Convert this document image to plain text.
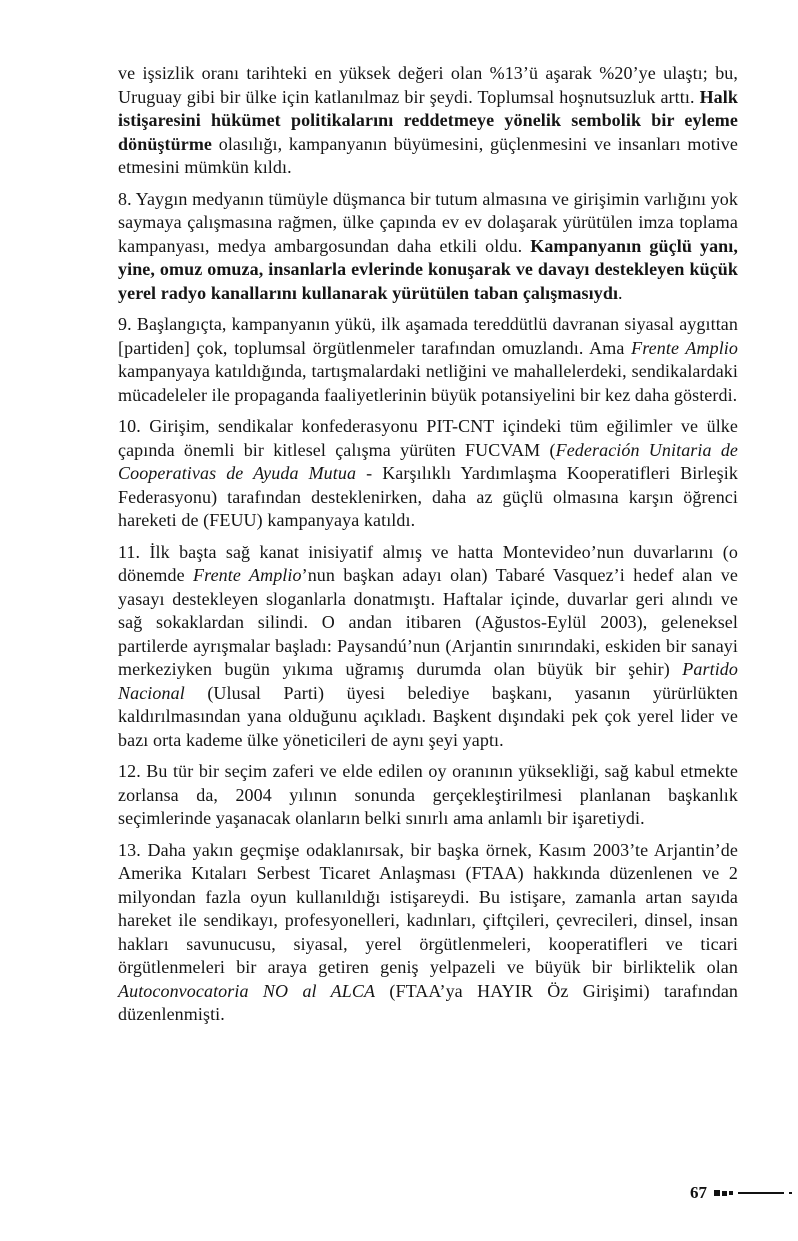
ve işsizlik oranı tarihteki en yüksek değeri olan %13’ü aşarak %20’ye ulaştı; bu, Uruguay gibi bir ülke için katlanılmaz bir şeydi. Toplumsal hoşnutsuzluk arttı. Halk istişaresini hükümet politikalarını reddetmeye yönelik sembolik bir eyleme dönüştürme olasılığı, kampanyanın büyümesini, güçlenmesini ve insanları motive etmesini mümkün kıldı.

8. Yaygın medyanın tümüyle düşmanca bir tutum almasına ve girişimin varlığını yok saymaya çalışmasına rağmen, ülke çapında ev ev dolaşarak yürütülen imza toplama kampanyası, medya ambargosundan daha etkili oldu. Kampanyanın güçlü yanı, yine, omuz omuza, insanlarla evlerinde konuşarak ve davayı destekleyen küçük yerel radyo kanallarını kullanarak yürütülen taban çalışmasıydı.

9. Başlangıçta, kampanyanın yükü, ilk aşamada tereddütlü davranan siyasal aygıttan [partiden] çok, toplumsal örgütlenmeler tarafından omuzlandı. Ama Frente Amplio kampanyaya katıldığında, tartışmalardaki netliğini ve mahallelerdeki, sendikalardaki mücadeleler ile propaganda faaliyetlerinin büyük potansiyelini bir kez daha gösterdi.

10. Girişim, sendikalar konfederasyonu PIT-CNT içindeki tüm eğilimler ve ülke çapında önemli bir kitlesel çalışma yürüten FUCVAM (Federación Unitaria de Cooperativas de Ayuda Mutua - Karşılıklı Yardımlaşma Kooperatifleri Birleşik Federasyonu) tarafından desteklenirken, daha az güçlü olmasına karşın öğrenci hareketi de (FEUU) kampanyaya katıldı.

11. İlk başta sağ kanat inisiyatif almış ve hatta Montevideo’nun duvarlarını (o dönemde Frente Amplio’nun başkan adayı olan) Tabaré Vasquez’i hedef alan ve yasayı destekleyen sloganlarla donatmıştı. Haftalar içinde, duvarlar geri alındı ve sağ sokaklardan silindi. O andan itibaren (Ağustos-Eylül 2003), geleneksel partilerde ayrışmalar başladı: Paysandú’nun (Arjantin sınırındaki, eskiden bir sanayi merkeziyken bugün yıkıma uğramış durumda olan büyük bir şehir) Partido Nacional (Ulusal Parti) üyesi belediye başkanı, yasanın yürürlükten kaldırılmasından yana olduğunu açıkladı. Başkent dışındaki pek çok yerel lider ve bazı orta kademe ülke yöneticileri de aynı şeyi yaptı.

12. Bu tür bir seçim zaferi ve elde edilen oy oranının yüksekliği, sağ kabul etmekte zorlansa da, 2004 yılının sonunda gerçekleştirilmesi planlanan başkanlık seçimlerinde yaşanacak olanların belki sınırlı ama anlamlı bir işaretiydi.

13. Daha yakın geçmişe odaklanırsak, bir başka örnek, Kasım 2003’te Arjantin’de Amerika Kıtaları Serbest Ticaret Anlaşması (FTAA) hakkında düzenlenen ve 2 milyondan fazla oyun kullanıldığı istişareydi. Bu istişare, zamanla artan sayıda hareket ile sendikayı, profesyonelleri, kadınları, çiftçileri, çevrecileri, dinsel, insan hakları savunucusu, siyasal, yerel örgütlenmeleri, kooperatifleri ve ticari örgütlenmeleri bir araya getiren geniş yelpazeli ve büyük bir birliktelik olan Autoconvocatoria NO al ALCA (FTAA’ya HAYIR Öz Girişimi) tarafından düzenlenmişti.

67
